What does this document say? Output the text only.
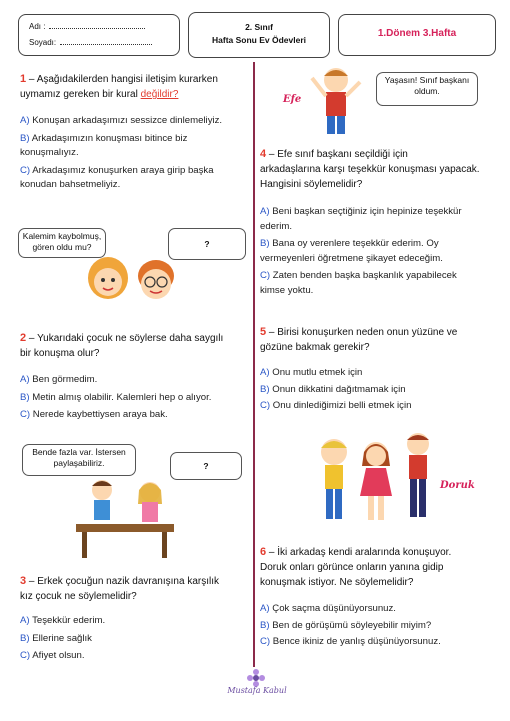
Adı :
Soyadı:
2. Sınıf
Hafta Sonu Ev Ödevleri
1.Dönem 3.Hafta
1 – Aşağıdakilerden hangisi iletişim kurarken
uymamız gereken bir kural değildir?
A) Konuşan arkadaşımızı sessizce dinlemeliyiz.
B) Arkadaşımızın konuşması bitince biz
konuşmalıyız.
C) Arkadaşımız konuşurken araya girip başka
konudan bahsetmeliyiz.
Kalemim kaybolmuş, gören oldu mu?	?
2 – Yukarıdaki çocuk ne söylerse daha saygılı
bir konuşma olur?
A) Ben görmedim.
B) Metin almış olabilir. Kalemleri hep o alıyor.
C) Nerede kaybettiysen araya bak.
Bende fazla var. İstersen paylaşabiliriz.	?
3 – Erkek çocuğun nazik davranışına karşılık
kız çocuk ne söylemelidir?
A) Teşekkür ederim.
B) Ellerine sağlık
C) Afiyet olsun.
Efe
Yaşasın! Sınıf başkanı oldum.
4 – Efe sınıf başkanı seçildiği için
arkadaşlarına karşı teşekkür konuşması yapacak.
Hangisini söylemelidir?
A) Beni başkan seçtiğiniz için hepinize teşekkür
ederim.
B) Bana oy verenlere teşekkür ederim. Oy
vermeyenleri öğretmene şikayet edeceğim.
C) Zaten benden başka başkanlık yapabilecek
kimse yoktu.
5 – Birisi konuşurken neden onun yüzüne ve
gözüne bakmak gerekir?
A) Onu mutlu etmek için
B) Onun dikkatini dağıtmamak için
C) Onu dinlediğimizi belli etmek için
Doruk
6 – İki arkadaş kendi aralarında konuşuyor.
Doruk onları görünce onların yanına gidip
konuşmak istiyor. Ne söylemelidir?
A) Çok saçma düşünüyorsunuz.
B) Ben de görüşümü söyleyebilir miyim?
C) Bence ikiniz de yanlış düşünüyorsunuz.
Mustafa Kabul
